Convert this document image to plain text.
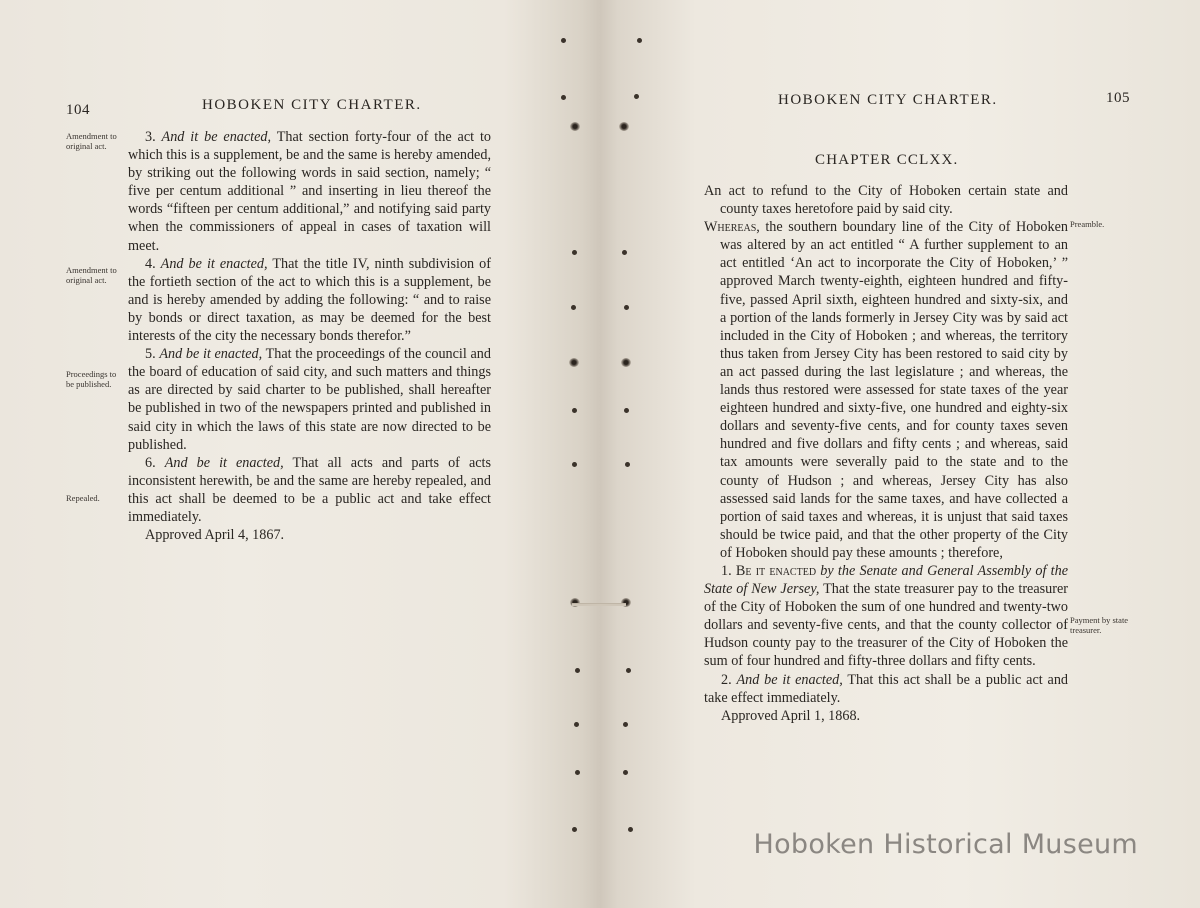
104	HOBOKEN CITY CHARTER.
Amendment to original act.
Amendment to original act.
Proceedings to be published.
Repealed.

3. And it be enacted, That section forty-four of the act to which this is a supplement, be and the same is hereby amended, by striking out the following words in said section, namely; “ five per centum additional ” and inserting in lieu thereof the words “fifteen per centum additional,” and notifying said party when the commissioners of appeal in cases of taxation will meet.

4. And be it enacted, That the title IV, ninth subdivision of the fortieth section of the act to which this is a supplement, be and is hereby amended by adding the following: “ and to raise by bonds or direct taxation, as may be deemed for the best interests of the city the necessary bonds therefor.”

5. And be it enacted, That the proceedings of the council and the board of education of said city, and such matters and things as are directed by said charter to be published, shall hereafter be published in two of the newspapers printed and published in said city in which the laws of this state are now directed to be published.

6. And be it enacted, That all acts and parts of acts inconsistent herewith, be and the same are hereby repealed, and this act shall be deemed to be a public act and take effect immediately.

Approved April 4, 1867.

HOBOKEN CITY CHARTER.	105
CHAPTER CCLXX.
Preamble.
Payment by state treasurer.

An act to refund to the City of Hoboken certain state and county taxes heretofore paid by said city.

Whereas, the southern boundary line of the City of Hoboken was altered by an act entitled “ A further supplement to an act entitled ‘An act to incorporate the City of Hoboken,’ ” approved March twenty-eighth, eighteen hundred and fifty-five, passed April sixth, eighteen hundred and sixty-six, and a portion of the lands formerly in Jersey City was by said act included in the City of Hoboken ; and whereas, the territory thus taken from Jersey City has been restored to said city by an act passed during the last legislature ; and whereas, the lands thus restored were assessed for state taxes of the year eighteen hundred and sixty-five, one hundred and eighty-six dollars and seventy-five cents, and for county taxes seven hundred and five dollars and fifty cents ; and whereas, said tax amounts were severally paid to the state and to the county of Hudson ; and whereas, Jersey City has also assessed said lands for the same taxes, and have collected a portion of said taxes and whereas, it is unjust that said taxes should be twice paid, and that the other property of the City of Hoboken should pay these amounts ; therefore,

1. Be it enacted by the Senate and General Assembly of the State of New Jersey, That the state treasurer pay to the treasurer of the City of Hoboken the sum of one hundred and twenty-two dollars and seventy-five cents, and that the county collector of Hudson county pay to the treasurer of the City of Hoboken the sum of four hundred and fifty-three dollars and fifty cents.

2. And be it enacted, That this act shall be a public act and take effect immediately.

Approved April 1, 1868.

Hoboken Historical Museum
